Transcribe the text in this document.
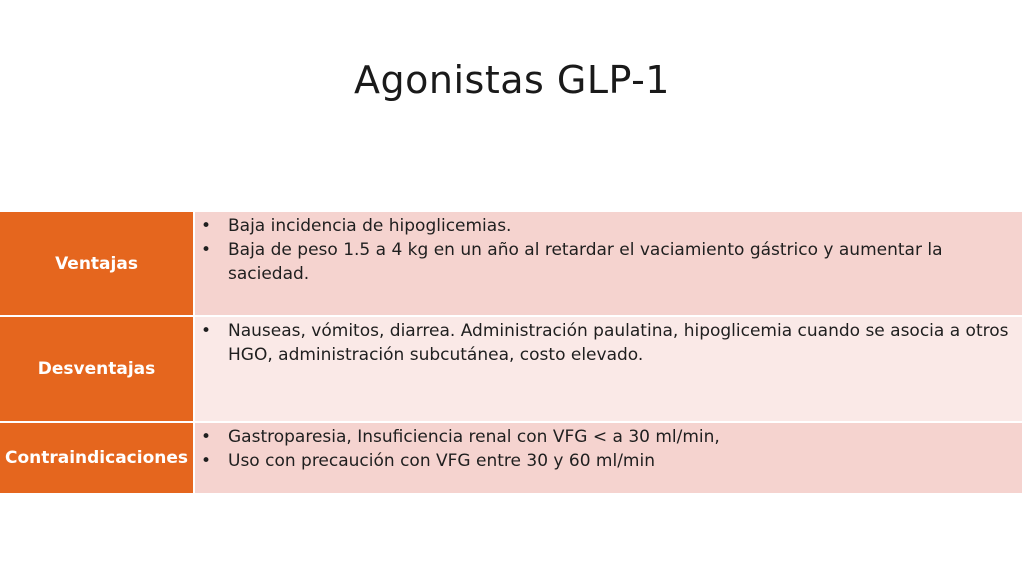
Agonistas GLP-1
Ventajas
• Baja incidencia de hipoglicemias.
• Baja de peso 1.5 a 4 kg en un año al retardar el vaciamiento gástrico y aumentar la saciedad.
Desventajas
• Nauseas, vómitos, diarrea. Administración paulatina, hipoglicemia cuando se asocia a otros HGO, administración subcutánea, costo elevado.
Contraindicaciones
• Gastroparesia, Insuficiencia renal con VFG < a 30 ml/min,
• Uso con precaución con VFG entre 30 y 60 ml/min
